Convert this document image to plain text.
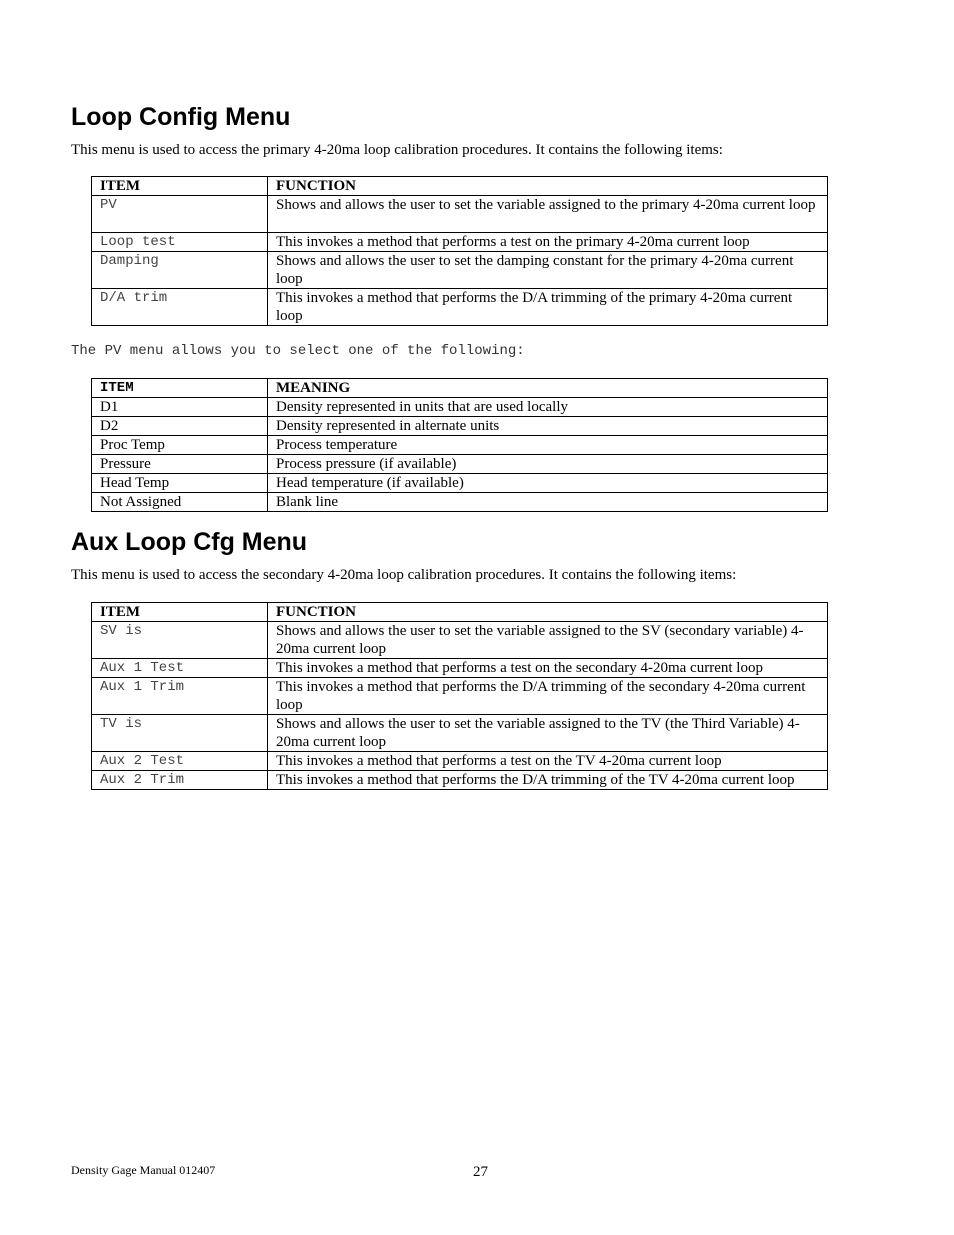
Loop Config Menu

This menu is used to access the primary 4-20ma loop calibration procedures. It contains the following items:

ITEM	FUNCTION
PV	Shows and allows the user to set the variable assigned to the primary 4-20ma current loop
Loop test	This invokes a method that performs a test on the primary 4-20ma current loop
Damping	Shows and allows the user to set the damping constant for the primary 4-20ma current loop
D/A trim	This invokes a method that performs the D/A trimming of the primary 4-20ma current loop

The PV menu allows you to select one of the following:

ITEM	MEANING
D1	Density represented in units that are used locally
D2	Density represented in alternate units
Proc Temp	Process temperature
Pressure	Process pressure (if available)
Head Temp	Head temperature (if available)
Not Assigned	Blank line
Aux Loop Cfg Menu

This menu is used to access the secondary 4-20ma loop calibration procedures. It contains the following items:

ITEM	FUNCTION
SV is	Shows and allows the user to set the variable assigned to the SV (secondary variable) 4-20ma current loop
Aux 1 Test	This invokes a method that performs a test on the secondary 4-20ma current loop
Aux 1 Trim	This invokes a method that performs the D/A trimming of the secondary 4-20ma current loop
TV is	Shows and allows the user to set the variable assigned to the TV (the Third Variable) 4-20ma current loop
Aux 2 Test	This invokes a method that performs a test on the TV 4-20ma current loop
Aux 2 Trim	This invokes a method that performs the D/A trimming of the TV 4-20ma current loop
Density Gage Manual 012407	27
